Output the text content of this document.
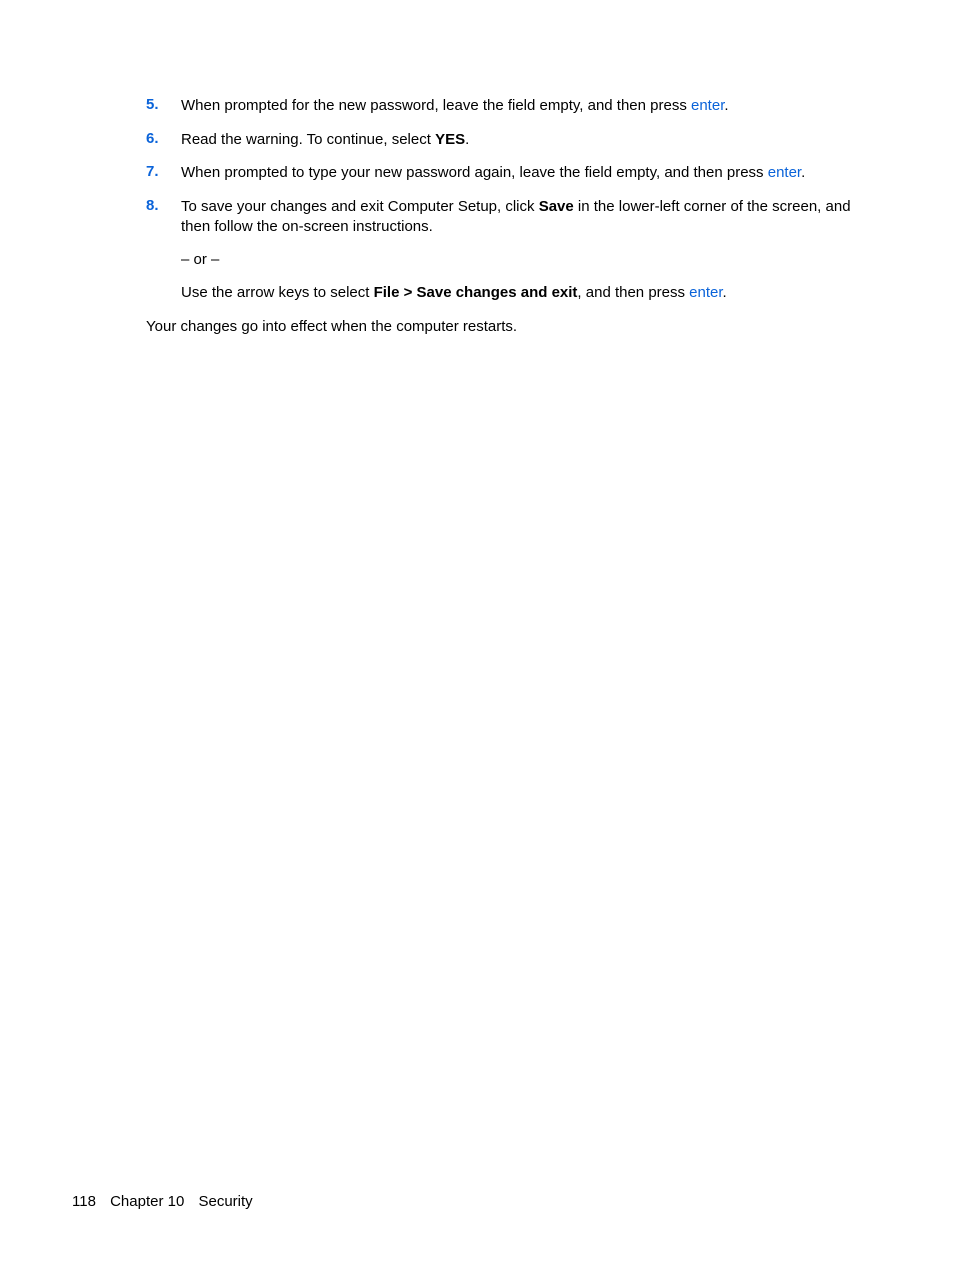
5. When prompted for the new password, leave the field empty, and then press enter.
6. Read the warning. To continue, select YES.
7. When prompted to type your new password again, leave the field empty, and then press enter.
8. To save your changes and exit Computer Setup, click Save in the lower-left corner of the screen, and then follow the on-screen instructions.
– or –
Use the arrow keys to select File > Save changes and exit, and then press enter.
Your changes go into effect when the computer restarts.
118 Chapter 10 Security
